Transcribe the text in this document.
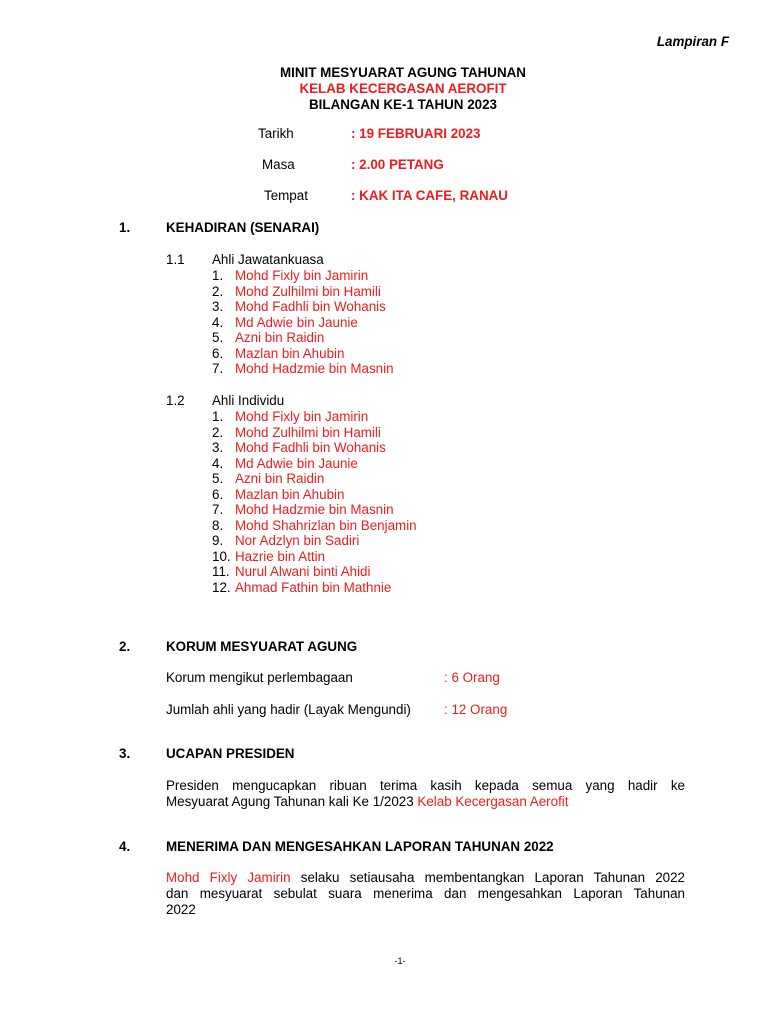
Lampiran F
MINIT MESYUARAT AGUNG TAHUNAN
KELAB KECERGASAN AEROFIT
BILANGAN KE-1 TAHUN 2023
Tarikh	: 19 FEBRUARI 2023
Masa	: 2.00 PETANG
Tempat	: KAK ITA CAFE, RANAU
1.	KEHADIRAN (SENARAI)
1.1 Ahli Jawatankuasa
1. Mohd Fixly bin Jamirin
2. Mohd Zulhilmi bin Hamili
3. Mohd Fadhli bin Wohanis
4. Md Adwie bin Jaunie
5. Azni bin Raidin
6. Mazlan bin Ahubin
7. Mohd Hadzmie bin Masnin
1.2 Ahli Individu
1. Mohd Fixly bin Jamirin
2. Mohd Zulhilmi bin Hamili
3. Mohd Fadhli bin Wohanis
4. Md Adwie bin Jaunie
5. Azni bin Raidin
6. Mazlan bin Ahubin
7. Mohd Hadzmie bin Masnin
8. Mohd Shahrizlan bin Benjamin
9. Nor Adzlyn bin Sadiri
10. Hazrie bin Attin
11. Nurul Alwani binti Ahidi
12. Ahmad Fathin bin Mathnie
2.	KORUM MESYUARAT AGUNG
Korum mengikut perlembagaan	: 6 Orang
Jumlah ahli yang hadir (Layak Mengundi) : 12 Orang
3.	UCAPAN PRESIDEN
Presiden mengucapkan ribuan terima kasih kepada semua yang hadir ke
Mesyuarat Agung Tahunan kali Ke 1/2023 Kelab Kecergasan Aerofit
4.	MENERIMA DAN MENGESAHKAN LAPORAN TAHUNAN 2022
Mohd Fixly Jamirin selaku setiausaha membentangkan Laporan Tahunan 2022
dan mesyuarat sebulat suara menerima dan mengesahkan Laporan Tahunan
2022
-1-
